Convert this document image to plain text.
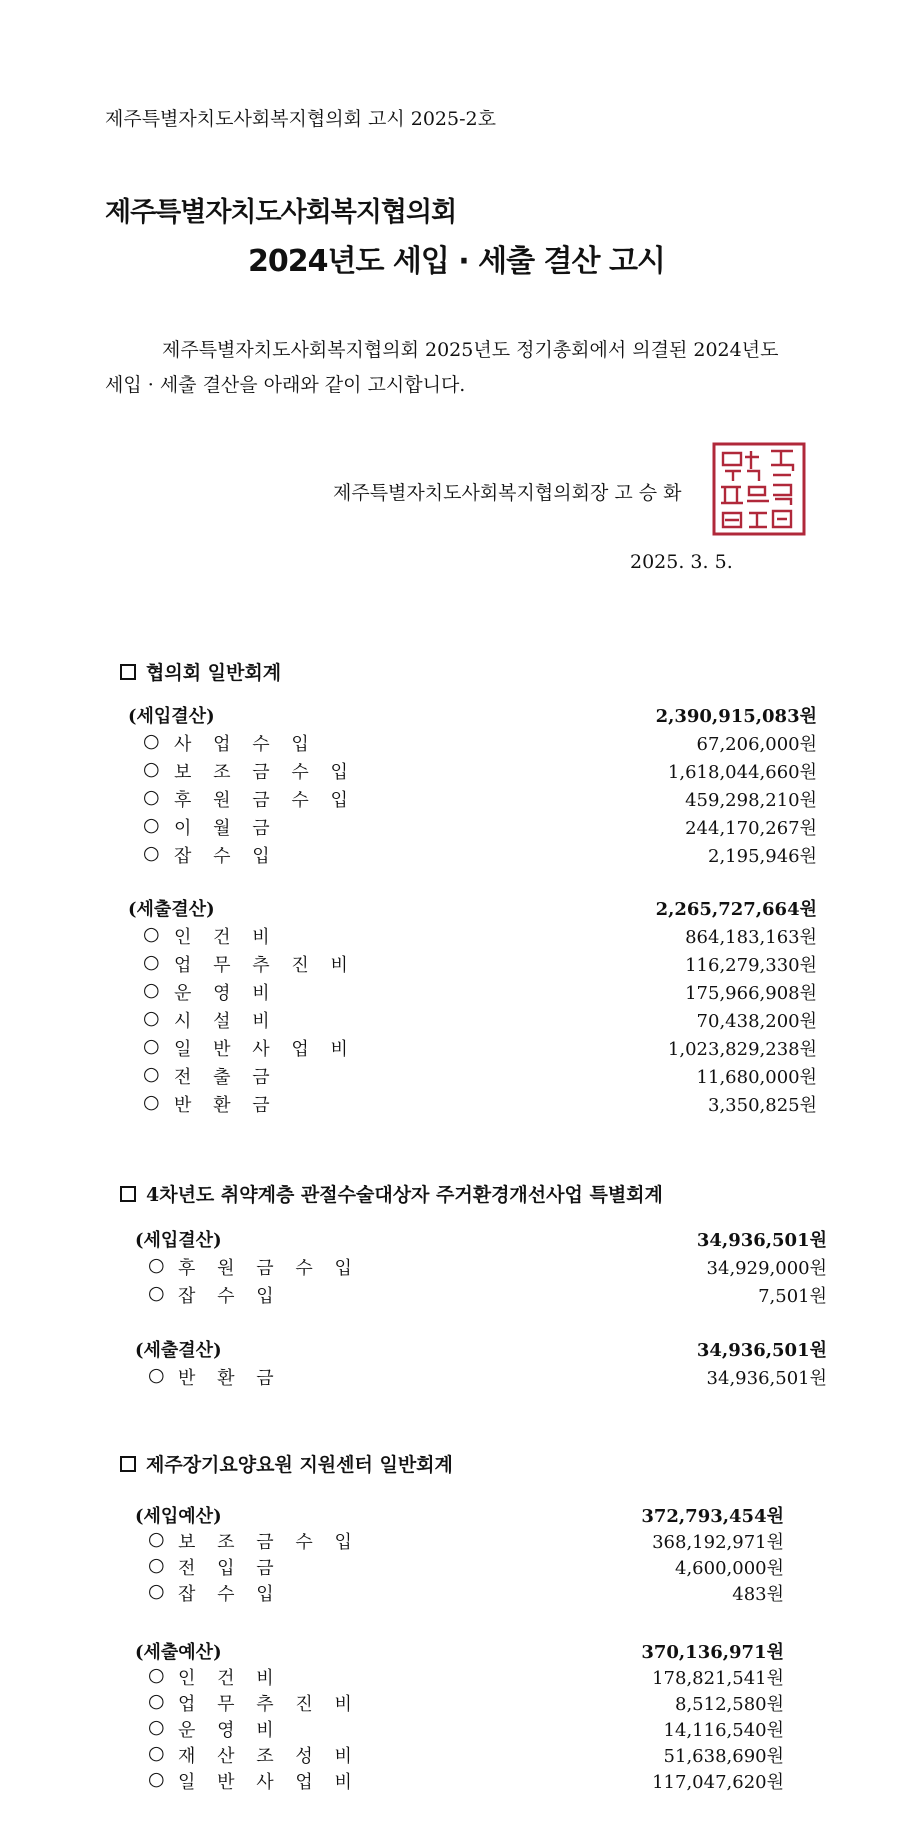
제주특별자치도사회복지협의회 고시 2025-2호
제주특별자치도사회복지협의회
2024년도 세입 · 세출 결산 고시
제주특별자치도사회복지협의회 2025년도 정기총회에서 의결된 2024년도
세입 · 세출 결산을 아래와 같이 고시합니다.
제주특별자치도사회복지협의회장 고 승 화
2025. 3. 5.
협의회 일반회계
(세입결산)	2,390,915,083원
○ 사 업 수 입	67,206,000원
○ 보 조 금 수 입	1,618,044,660원
○ 후 원 금 수 입	459,298,210원
○ 이 월 금	244,170,267원
○ 잡 수 입	2,195,946원
(세출결산)	2,265,727,664원
○ 인 건 비	864,183,163원
○ 업 무 추 진 비	116,279,330원
○ 운 영 비	175,966,908원
○ 시 설 비	70,438,200원
○ 일 반 사 업 비	1,023,829,238원
○ 전 출 금	11,680,000원
○ 반 환 금	3,350,825원
4차년도 취약계층 관절수술대상자 주거환경개선사업 특별회계
(세입결산)	34,936,501원
○ 후 원 금 수 입	34,929,000원
○ 잡 수 입	7,501원
(세출결산)	34,936,501원
○ 반 환 금	34,936,501원
제주장기요양요원 지원센터 일반회계
(세입예산)	372,793,454원
○ 보 조 금 수 입	368,192,971원
○ 전 입 금	4,600,000원
○ 잡 수 입	483원
(세출예산)	370,136,971원
○ 인 건 비	178,821,541원
○ 업 무 추 진 비	8,512,580원
○ 운 영 비	14,116,540원
○ 재 산 조 성 비	51,638,690원
○ 일 반 사 업 비	117,047,620원
